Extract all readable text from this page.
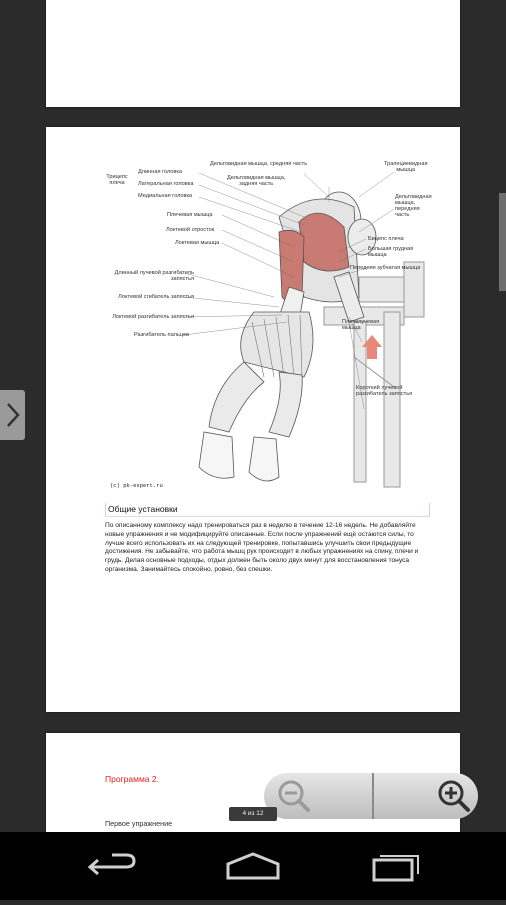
Трицепс
плеча
Длинная головка
Латеральная головка
Медиальная головка
Дельтовидная мышца, средняя часть
Дельтовидная мышца,
задняя часть
Трапециевидная
мышца
Дельтовидная
мышца,
передняя часть
Плечевая мышца
Локтевой отросток
Локтевая мышца
Бицепс плеча
Большая грудная
мышца
Передняя зубчатая мышца
Длинный лучевой разгибатель
запястья
Локтевой сгибатель запястья
Локтевой разгибатель запястья
Разгибатель пальцев
Плечелучевая
мышца
Короткий лучевой
разгибатель запястья
(c) pk-expert.ru
Общие установки
По описанному комплексу надо тренироваться раз в неделю в течение 12-16 недель. Не добавляйте новые упражнения и не модифицируйте описанные. Если после упражнений ещё остаются силы, то лучше всего использовать их на следующей тренировке, попытавшись улучшить свои предыдущие достижения. Не забывайте, что работа мышц рук происходит в любых упражнениях на спину, плечи и грудь. Делая основные подходы, отдых должен быть около двух минут для восстановления тонуса организма. Занимайтесь спокойно, ровно, без спешки.
Программа 2.
Первое упражнение
4 из 12
